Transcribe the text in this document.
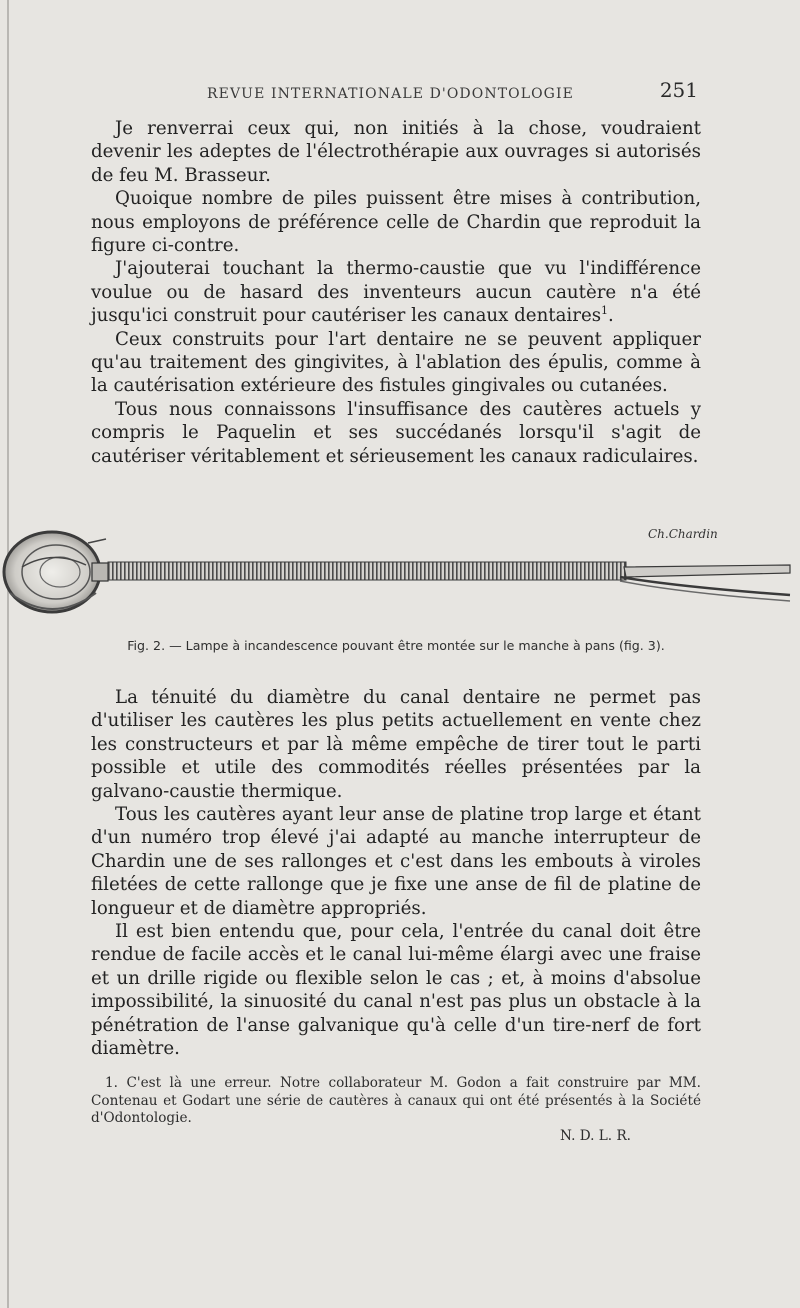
REVUE INTERNATIONALE D'ODONTOLOGIE	251

Je renverrai ceux qui, non initiés à la chose, voudraient devenir les adeptes de l'électrothérapie aux ouvrages si autorisés de feu M. Brasseur.

Quoique nombre de piles puissent être mises à contribution, nous employons de préférence celle de Chardin que reproduit la figure ci-contre.

J'ajouterai touchant la thermo-caustie que vu l'indifférence voulue ou de hasard des inventeurs aucun cautère n'a été jusqu'ici construit pour cautériser les canaux dentaires$^1$.

Ceux construits pour l'art dentaire ne se peuvent appliquer qu'au traitement des gingivites, à l'ablation des épulis, comme à la cautérisation extérieure des fistules gingivales ou cutanées.

Tous nous connaissons l'insuffisance des cautères actuels y compris le Paquelin et ses succédanés lorsqu'il s'agit de cautériser véritablement et sérieusement les canaux radiculaires.

Ch.Chardin
Fig. 2. — Lampe à incandescence pouvant être montée sur le manche à pans (fig. 3).

La ténuité du diamètre du canal dentaire ne permet pas d'utiliser les cautères les plus petits actuellement en vente chez les constructeurs et par là même empêche de tirer tout le parti possible et utile des commodités réelles présentées par la galvano-caustie thermique.

Tous les cautères ayant leur anse de platine trop large et étant d'un numéro trop élevé j'ai adapté au manche interrupteur de Chardin une de ses rallonges et c'est dans les embouts à viroles filetées de cette rallonge que je fixe une anse de fil de platine de longueur et de diamètre appropriés.

Il est bien entendu que, pour cela, l'entrée du canal doit être rendue de facile accès et le canal lui-même élargi avec une fraise et un drille rigide ou flexible selon le cas ; et, à moins d'absolue impossibilité, la sinuosité du canal n'est pas plus un obstacle à la pénétration de l'anse galvanique qu'à celle d'un tire-nerf de fort diamètre.

1. C'est là une erreur. Notre collaborateur M. Godon a fait construire par MM. Contenau et Godart une série de cautères à canaux qui ont été présentés à la Société d'Odontologie.
N. D. L. R.
